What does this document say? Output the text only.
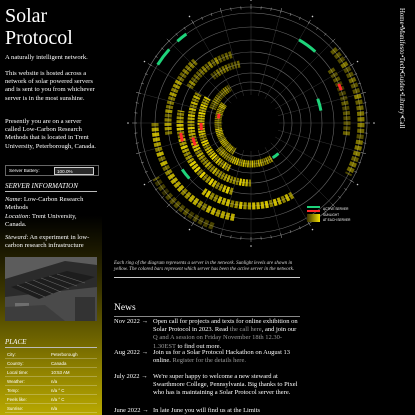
Solar
Protocol

A naturally intelligent network.

This website is hosted across a network of solar powered servers and is sent to you from whichever server is in the most sunshine.

Presently you are on a server called Low-Carbon Research Methods that is located in Trent University, Peterborough, Canada.

Server Battery:	100.0%
SERVER INFORMATION

Name: Low-Carbon Research Methods

Location: Trent University, Canada.

Steward: An experiment in low-carbon research infrastructure

PLACE
City:	Peterborough
Country:	Canada
Local time:	10:53 AM
Weather:	n/a
Temp:	n/a ° C
Feels like:	n/a ° C
Sunrise:	n/a
ACTIVE SERVER
SUNLIGHT
AT EACH SERVER
Home•Manifesto•Tech•Guides•Library•Call
Each ring of the diagram represents a server in the network. Sunlight levels are shown in yellow. The colored bars represent which server has been the active server in the network.
News
Nov 2022 → Open call for projects and texts for online exhibition on Solar Protocol in 2023. Read the call here, and join our Q and A session on Friday November 18th 12.30- 1.30EST to find out more.
Aug 2022 → Join us for a Solar Protocol Hackathon on August 13 online. Register for the details here.
July 2022 → We're super happy to welcome a new steward at Swarthmore College, Pennsylvania. Big thanks to Pixel who has is maintaining a Solar Protocol server there.
June 2022 → In late June you will find us at the Limits
